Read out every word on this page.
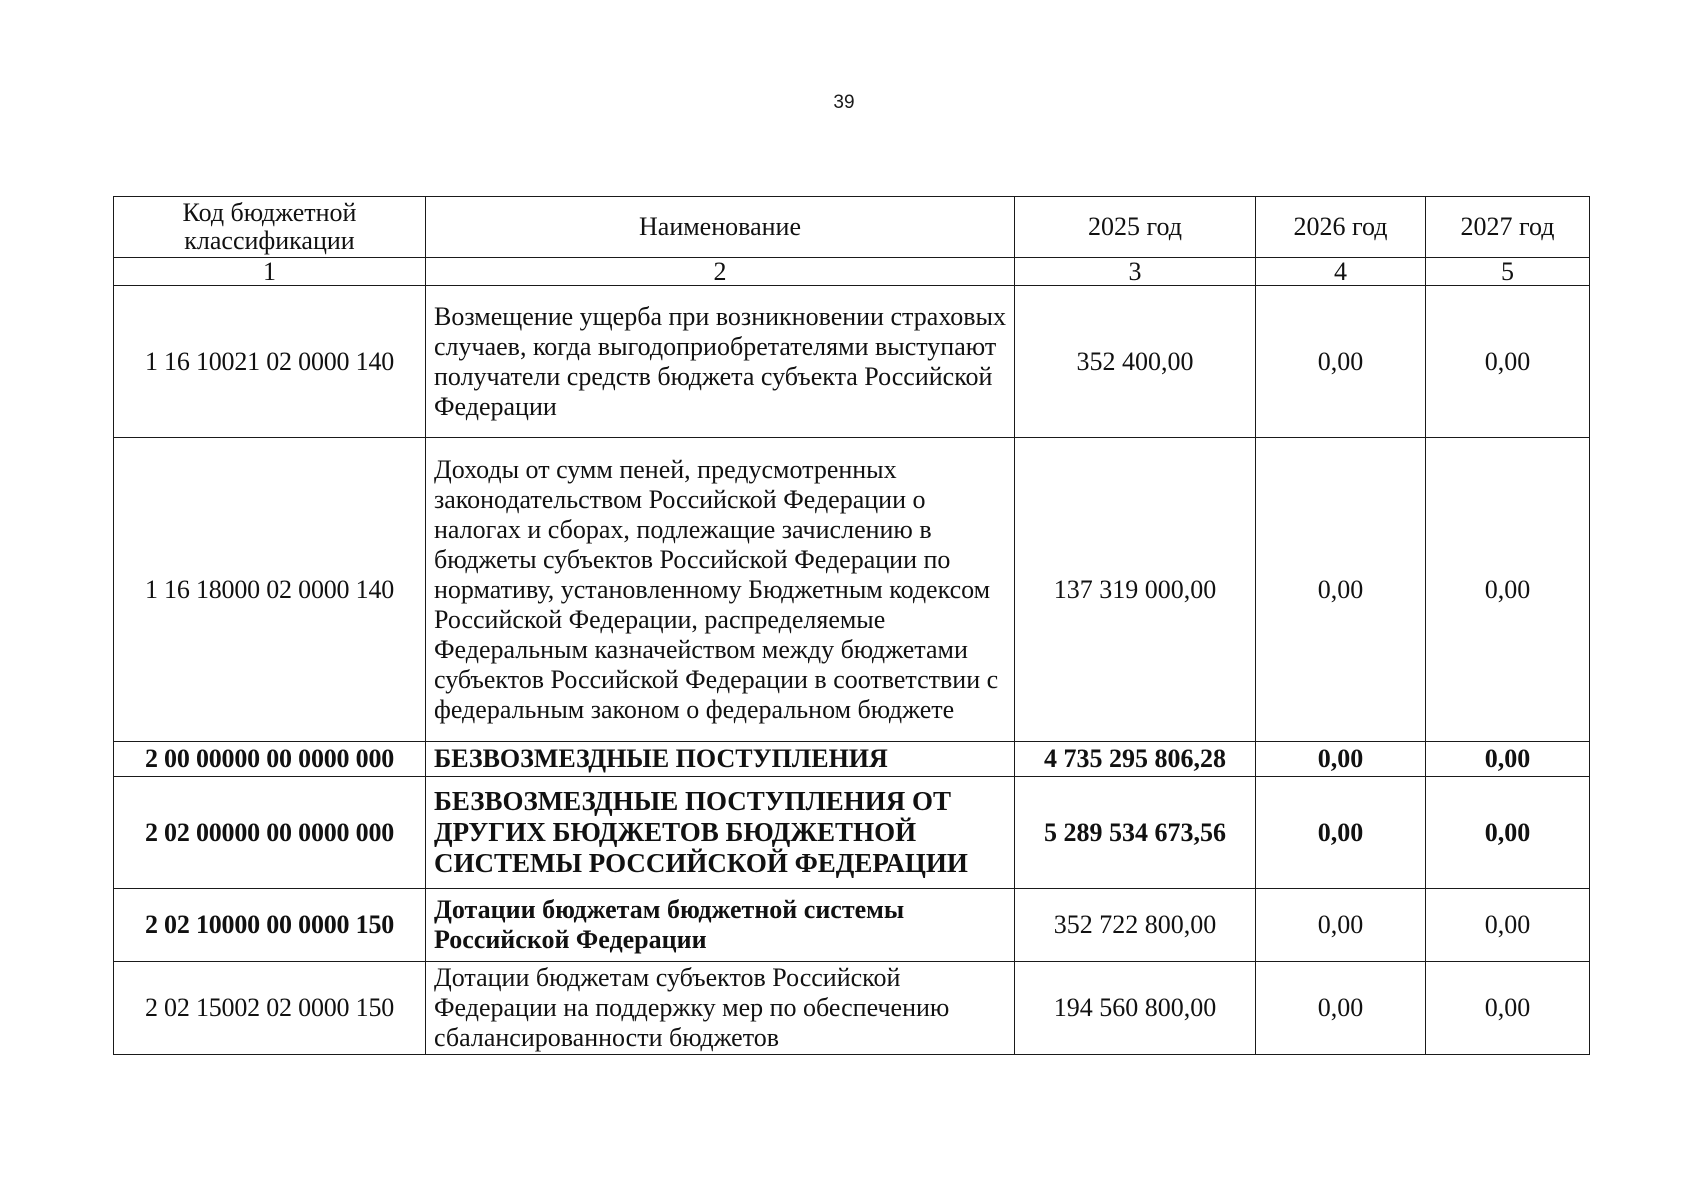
39
Код бюджетной классификации	Наименование	2025 год	2026 год	2027 год
1	2	3	4	5
1 16 10021 02 0000 140	Возмещение ущерба при возникновении страховых случаев, когда выгодоприобретателями выступают получатели средств бюджета субъекта Российской Федерации	352 400,00	0,00	0,00
1 16 18000 02 0000 140	Доходы от сумм пеней, предусмотренных законодательством Российской Федерации о налогах и сборах, подлежащие зачислению в бюджеты субъектов Российской Федерации по нормативу, установленному Бюджетным кодексом Российской Федерации, распределяемые Федеральным казначейством между бюджетами субъектов Российской Федерации в соответствии с федеральным законом о федеральном бюджете	137 319 000,00	0,00	0,00
2 00 00000 00 0000 000	БЕЗВОЗМЕЗДНЫЕ ПОСТУПЛЕНИЯ	4 735 295 806,28	0,00	0,00
2 02 00000 00 0000 000	БЕЗВОЗМЕЗДНЫЕ ПОСТУПЛЕНИЯ ОТ ДРУГИХ БЮДЖЕТОВ БЮДЖЕТНОЙ СИСТЕМЫ РОССИЙСКОЙ ФЕДЕРАЦИИ	5 289 534 673,56	0,00	0,00
2 02 10000 00 0000 150	Дотации бюджетам бюджетной системы Российской Федерации	352 722 800,00	0,00	0,00
2 02 15002 02 0000 150	Дотации бюджетам субъектов Российской Федерации на поддержку мер по обеспечению сбалансированности бюджетов	194 560 800,00	0,00	0,00
